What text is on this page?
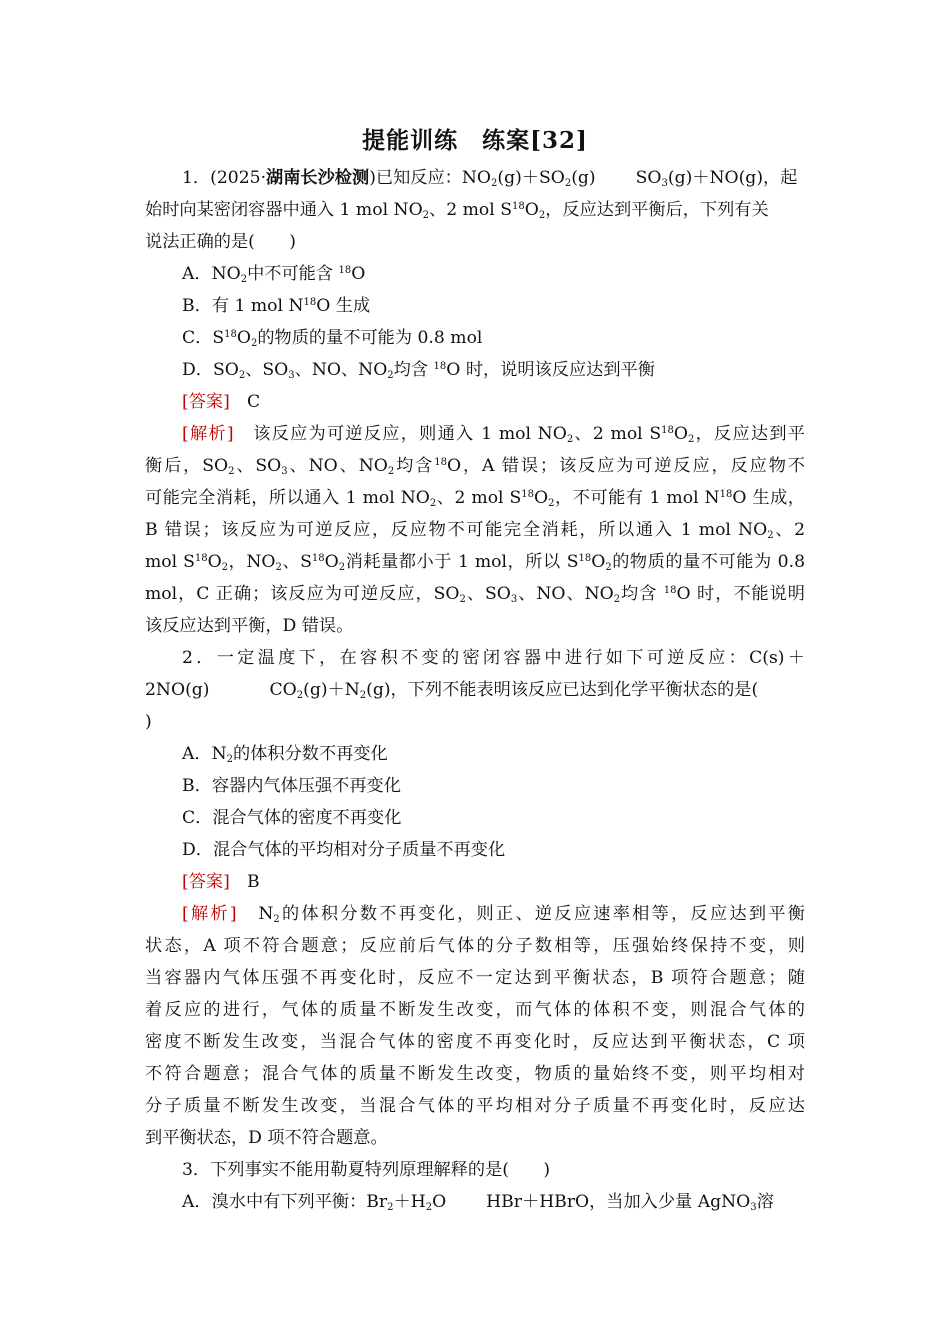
提能训练　练案[32]
1．(2025·湖南长沙检测)已知反应：$NO_2(g)+SO_2(g)$ $SO_3(g)+NO(g)$，起
始时向某密闭容器中通入 1 mol $NO_2$、2 mol $S^{18}O_2$，反应达到平衡后，下列有关
说法正确的是(　　)
A．$NO_2$中不可能含 $^{18}$O
B．有 1 mol $N^{18}O$ 生成
C．$S^{18}O_2$的物质的量不可能为 0.8 mol
D．$SO_2$、$SO_3$、NO、$NO_2$均含 $^{18}$O 时，说明该反应达到平衡
[答案]　 C
[解析]　 该反应为可逆反应，则通入 1 mol $NO_2$、2 mol $S^{18}O_2$，反应达到平
衡后，$SO_2$、$SO_3$、NO、$NO_2$均含$^{18}$O，A 错误；该反应为可逆反应，反应物不
可能完全消耗，所以通入 1 mol $NO_2$、2 mol $S^{18}O_2$，不可能有 1 mol $N^{18}O$ 生成，
B 错误；该反应为可逆反应，反应物不可能完全消耗，所以通入 1 mol $NO_2$、2
mol $S^{18}O_2$，$NO_2$、$S^{18}O_2$消耗量都小于 1 mol，所以 $S^{18}O_2$的物质的量不可能为 0.8
mol，C 正确；该反应为可逆反应，$SO_2$、$SO_3$、NO、$NO_2$均含 $^{18}$O 时，不能说明
该反应达到平衡，D 错误。
2．一定温度下，在容积不变的密闭容器中进行如下可逆反应：C(s)＋
2NO(g)	$CO_2(g)+N_2(g)$，下列不能表明该反应已达到化学平衡状态的是(
)
A．$N_2$的体积分数不再变化
B．容器内气体压强不再变化
C．混合气体的密度不再变化
D．混合气体的平均相对分子质量不再变化
[答案]　 B
[解析]　 $N_2$的体积分数不再变化，则正、逆反应速率相等，反应达到平衡
状态，A 项不符合题意；反应前后气体的分子数相等，压强始终保持不变，则
当容器内气体压强不再变化时，反应不一定达到平衡状态，B 项符合题意；随
着反应的进行，气体的质量不断发生改变，而气体的体积不变，则混合气体的
密度不断发生改变，当混合气体的密度不再变化时，反应达到平衡状态，C 项
不符合题意；混合气体的质量不断发生改变，物质的量始终不变，则平均相对
分子质量不断发生改变，当混合气体的平均相对分子质量不再变化时，反应达
到平衡状态，D 项不符合题意。
3．下列事实不能用勒夏特列原理解释的是(　　)
A．溴水中有下列平衡：$Br_2+H_2O$ HBr＋HBrO，当加入少量 AgNO$_3$溶
